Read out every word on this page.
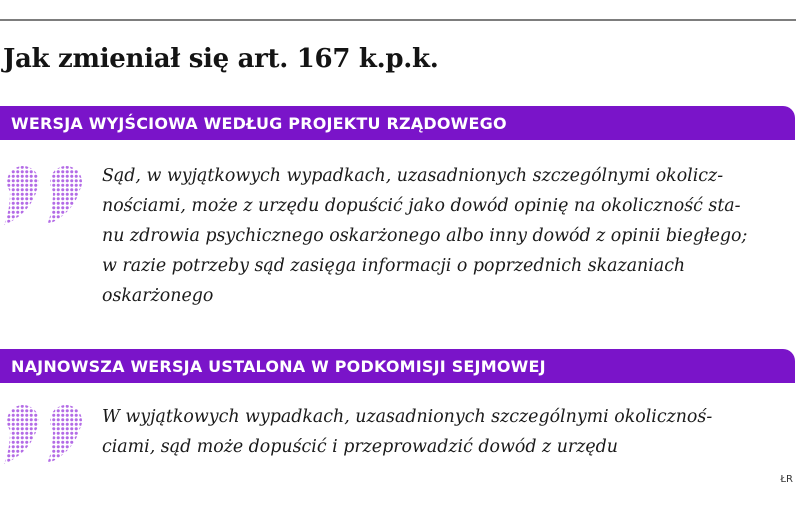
Jak zmieniał się art. 167 k.p.k.
WERSJA WYJŚCIOWA WEDŁUG PROJEKTU RZĄDOWEGO
Sąd, w wyjątkowych wypadkach, uzasadnionych szczególnymi okolicz-
nościami, może z urzędu dopuścić jako dowód opinię na okoliczność sta-
nu zdrowia psychicznego oskarżonego albo inny dowód z opinii biegłego;
w razie potrzeby sąd zasięga informacji o poprzednich skazaniach
oskarżonego
NAJNOWSZA WERSJA USTALONA W PODKOMISJI SEJMOWEJ
W wyjątkowych wypadkach, uzasadnionych szczególnymi okolicznoś-
ciami, sąd może dopuścić i przeprowadzić dowód z urzędu
ŁR
